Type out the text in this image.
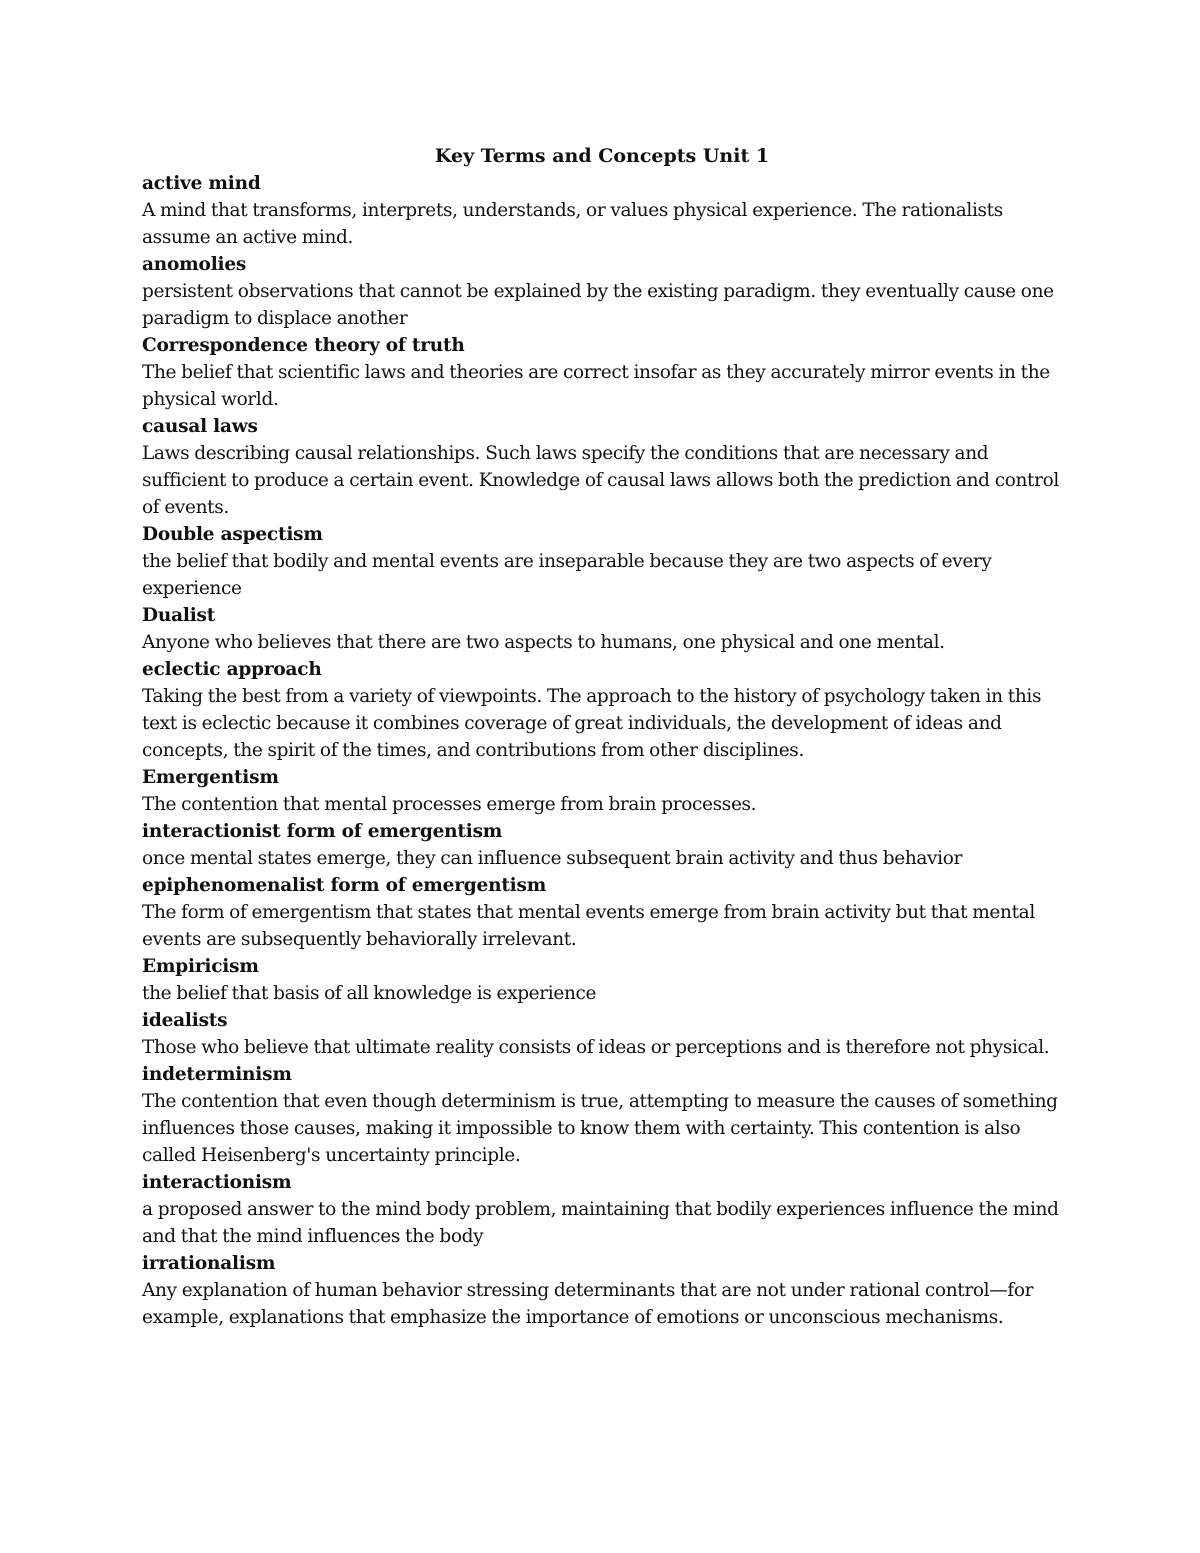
Key Terms and Concepts Unit 1

active mind

A mind that transforms, interprets, understands, or values physical experience. The rationalists assume an active mind.

anomolies

persistent observations that cannot be explained by the existing paradigm. they eventually cause one paradigm to displace another

Correspondence theory of truth

The belief that scientific laws and theories are correct insofar as they accurately mirror events in the physical world.

causal laws

Laws describing causal relationships. Such laws specify the conditions that are necessary and sufficient to produce a certain event. Knowledge of causal laws allows both the prediction and control of events.

Double aspectism

the belief that bodily and mental events are inseparable because they are two aspects of every experience

Dualist

Anyone who believes that there are two aspects to humans, one physical and one mental.

eclectic approach

Taking the best from a variety of viewpoints. The approach to the history of psychology taken in this text is eclectic because it combines coverage of great individuals, the development of ideas and concepts, the spirit of the times, and contributions from other disciplines.

Emergentism

The contention that mental processes emerge from brain processes.

interactionist form of emergentism

once mental states emerge, they can influence subsequent brain activity and thus behavior

epiphenomenalist form of emergentism

The form of emergentism that states that mental events emerge from brain activity but that mental events are subsequently behaviorally irrelevant.

Empiricism

the belief that basis of all knowledge is experience

idealists

Those who believe that ultimate reality consists of ideas or perceptions and is therefore not physical.

indeterminism

The contention that even though determinism is true, attempting to measure the causes of something influences those causes, making it impossible to know them with certainty. This contention is also called Heisenberg's uncertainty principle.

interactionism

a proposed answer to the mind body problem, maintaining that bodily experiences influence the mind and that the mind influences the body

irrationalism

Any explanation of human behavior stressing determinants that are not under rational control—for example, explanations that emphasize the importance of emotions or unconscious mechanisms.
